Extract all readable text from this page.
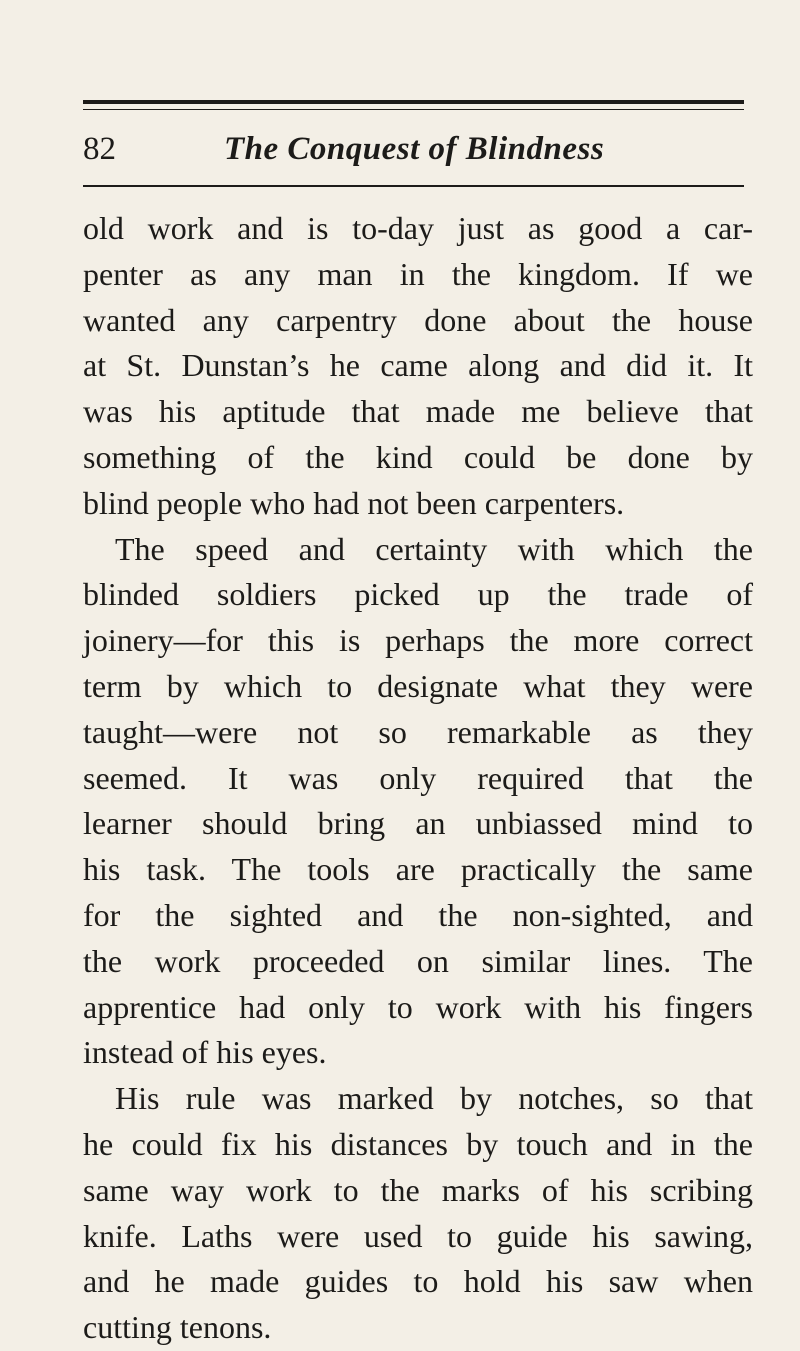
82	The Conquest of Blindness
old work and is to-day just as good a car-
penter as any man in the kingdom. If we
wanted any carpentry done about the house
at St. Dunstan’s he came along and did it. It
was his aptitude that made me believe that
something of the kind could be done by
blind people who had not been carpenters.
The speed and certainty with which the
blinded soldiers picked up the trade of
joinery—for this is perhaps the more correct
term by which to designate what they were
taught—were not so remarkable as they
seemed. It was only required that the
learner should bring an unbiassed mind to
his task. The tools are practically the same
for the sighted and the non-sighted, and
the work proceeded on similar lines. The
apprentice had only to work with his fingers
instead of his eyes.
His rule was marked by notches, so that
he could fix his distances by touch and in the
same way work to the marks of his scribing
knife. Laths were used to guide his sawing,
and he made guides to hold his saw when
cutting tenons.
